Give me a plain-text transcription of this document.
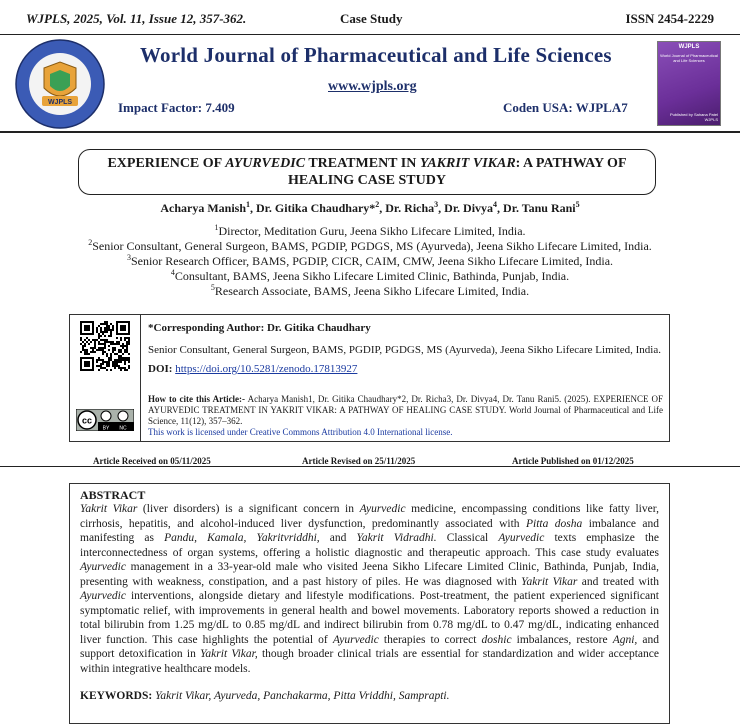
WJPLS, 2025, Vol. 11, Issue 12, 357-362.	Case Study	ISSN 2454-2229
WJPLS
World Journal of Pharmaceutical and Life Sciences
www.wjpls.org
Impact Factor: 7.409	Coden USA: WJPLA7
WJPLS
World Journal of Pharmaceutical and Life Sciences
Published by Sahana Patel WJPLS
EXPERIENCE OF AYURVEDIC TREATMENT IN YAKRIT VIKAR: A PATHWAY OF HEALING CASE STUDY
Acharya Manish$^1$, Dr. Gitika Chaudhary*$^2$, Dr. Richa$^3$, Dr. Divya$^4$, Dr. Tanu Rani$^5$
$^1$Director, Meditation Guru, Jeena Sikho Lifecare Limited, India.
$^2$Senior Consultant, General Surgeon, BAMS, PGDIP, PGDGS, MS (Ayurveda), Jeena Sikho Lifecare Limited, India.
$^3$Senior Research Officer, BAMS, PGDIP, CICR, CAIM, CMW, Jeena Sikho Lifecare Limited, India.
$^4$Consultant, BAMS, Jeena Sikho Lifecare Limited Clinic, Bathinda, Punjab, India.
$^5$Research Associate, BAMS, Jeena Sikho Lifecare Limited, India.
cc
BY NC
*Corresponding Author: Dr. Gitika Chaudhary
Senior Consultant, General Surgeon, BAMS, PGDIP, PGDGS, MS (Ayurveda), Jeena Sikho Lifecare Limited, India. DOI: https://doi.org/10.5281/zenodo.17813927
How to cite this Article:- Acharya Manish1, Dr. Gitika Chaudhary*2, Dr. Richa3, Dr. Divya4, Dr. Tanu Rani5. (2025). EXPERIENCE OF AYURVEDIC TREATMENT IN YAKRIT VIKAR: A PATHWAY OF HEALING CASE STUDY. World Journal of Pharmaceutical and Life Science, 11(12), 357–362.
This work is licensed under Creative Commons Attribution 4.0 International license.
Article Received on 05/11/2025	Article Revised on 25/11/2025	Article Published on 01/12/2025
ABSTRACT

Yakrit Vikar (liver disorders) is a significant concern in Ayurvedic medicine, encompassing conditions like fatty liver, cirrhosis, hepatitis, and alcohol-induced liver dysfunction, predominantly associated with Pitta dosha imbalance and manifesting as Pandu, Kamala, Yakritvriddhi, and Yakrit Vidradhi. Classical Ayurvedic texts emphasize the interconnectedness of organ systems, offering a holistic diagnostic and therapeutic approach. This case study evaluates Ayurvedic management in a 33-year-old male who visited Jeena Sikho Lifecare Limited Clinic, Bathinda, Punjab, India, presenting with weakness, constipation, and a past history of piles. He was diagnosed with Yakrit Vikar and treated with Ayurvedic interventions, alongside dietary and lifestyle modifications. Post-treatment, the patient experienced significant symptomatic relief, with improvements in general health and bowel movements. Laboratory reports showed a reduction in total bilirubin from 1.25 mg/dL to 0.85 mg/dL and indirect bilirubin from 0.78 mg/dL to 0.47 mg/dL, indicating enhanced liver function. This case highlights the potential of Ayurvedic therapies to correct doshic imbalances, restore Agni, and support detoxification in Yakrit Vikar, though broader clinical trials are essential for standardization and wider acceptance within integrative healthcare models.

KEYWORDS: Yakrit Vikar, Ayurveda, Panchakarma, Pitta Vriddhi, Samprapti.
